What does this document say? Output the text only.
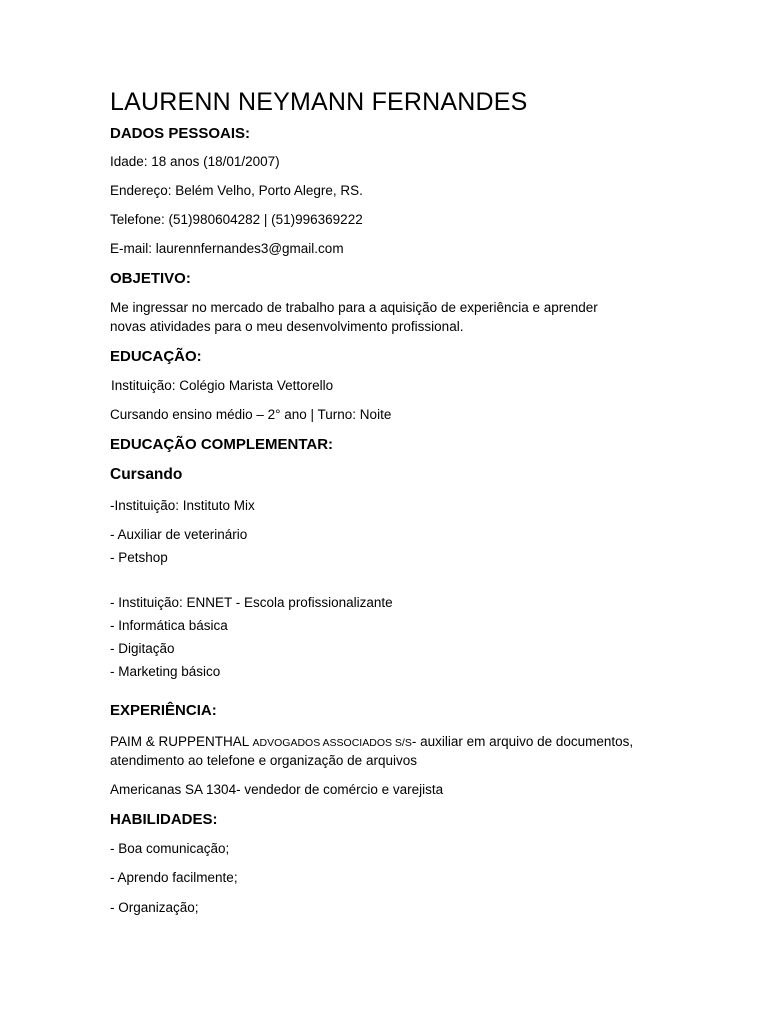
LAURENN NEYMANN FERNANDES
DADOS PESSOAIS:
Idade: 18 anos (18/01/2007)
Endereço: Belém Velho, Porto Alegre, RS.
Telefone: (51)980604282 | (51)996369222
E-mail: laurennfernandes3@gmail.com
OBJETIVO:
Me ingressar no mercado de trabalho para a aquisição de experiência e aprender
novas atividades para o meu desenvolvimento profissional.
EDUCAÇÃO:
Instituição: Colégio Marista Vettorello
Cursando ensino médio – 2° ano | Turno: Noite
EDUCAÇÃO COMPLEMENTAR:
Cursando
-Instituição: Instituto Mix
- Auxiliar de veterinário
- Petshop
- Instituição: ENNET - Escola profissionalizante
- Informática básica
- Digitação
- Marketing básico
EXPERIÊNCIA:
PAIM & RUPPENTHAL ADVOGADOS ASSOCIADOS S/S- auxiliar em arquivo de documentos,
atendimento ao telefone e organização de arquivos
Americanas SA 1304- vendedor de comércio e varejista
HABILIDADES:
- Boa comunicação;
- Aprendo facilmente;
- Organização;
